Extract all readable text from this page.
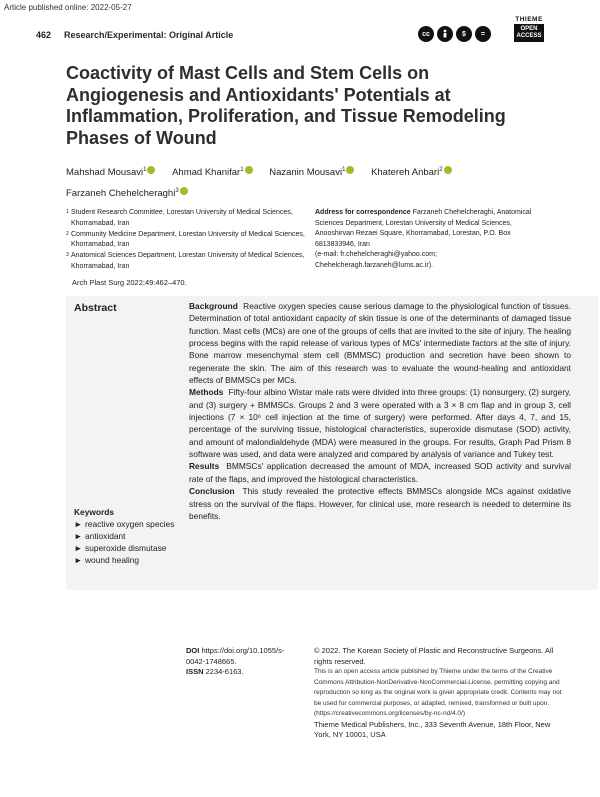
Article published online: 2022-05-27
462 Research/Experimental: Original Article	cc	$	=
THIEME
OPEN ACCESS
Coactivity of Mast Cells and Stem Cells on Angiogenesis and Antioxidants' Potentials at Inflammation, Proliferation, and Tissue Remodeling Phases of Wound
Mahshad Mousavi$^1$	Ahmad Khanifar$^1$	Nazanin Mousavi$^1$	Khatereh Anbari$^2$
Farzaneh Chehelcheraghi$^3$
1 Student Research Committee, Lorestan University of Medical Sciences, Khorramabad, Iran
2 Community Medicine Department, Lorestan University of Medical Sciences, Khorramabad, Iran
3 Anatomical Sciences Department, Lorestan University of Medical Sciences, Khorramabad, Iran
Address for correspondence Farzaneh Chehelcheraghi, Anatomical Sciences Department, Lorestan University of Medical Sciences, Anooshirvan Rezaei Square, Khorramabad, Lorestan, P.O. Box 6813833946, Iran
(e-mail: fr.chehelcheraghi@yahoo.com; Chehelcheragh.farzaneh@lums.ac.ir).
Arch Plast Surg 2022;49:462–470.
Abstract	Background Reactive oxygen species cause serious damage to the physiological function of tissues. Determination of total antioxidant capacity of skin tissue is one of the determinants of damaged tissue function. Mast cells (MCs) are one of the groups of cells that are invited to the site of injury. The healing process begins with the rapid release of various types of MCs' intermediate factors at the site of injury. Bone marrow mesenchymal stem cell (BMMSC) production and secretion have been shown to regenerate the skin. The aim of this research was to evaluate the wound-healing and antioxidant effects of BMMSCs per MCs.

Methods Fifty-four albino Wistar male rats were divided into three groups: (1) nonsurgery, (2) surgery, and (3) surgery + BMMSCs. Groups 2 and 3 were operated with a 3 × 8 cm flap and in group 3, cell injections (7 × 10⁶ cell injection at the time of surgery) were performed. After days 4, 7, and 15, percentage of the surviving tissue, histological characteristics, superoxide dismutase (SOD) activity, and amount of malondialdehyde (MDA) were measured in the groups. For results, Graph Pad Prism 8 software was used, and data were analyzed and compared by analysis of variance and Tukey test.

Results BMMSCs' application decreased the amount of MDA, increased SOD activity and survival rate of the flaps, and improved the histological characteristics.

Conclusion This study revealed the protective effects BMMSCs alongside MCs against oxidative stress on the survival of the flaps. However, for clinical use, more research is needed to determine its benefits.

Keywords
► reactive oxygen species
► antioxidant
► superoxide dismutase
► wound healing
DOI https://doi.org/10.1055/s-0042-1748665.
ISSN 2234-6163.
© 2022. The Korean Society of Plastic and Reconstructive Surgeons. All rights reserved.
This is an open access article published by Thieme under the terms of the Creative Commons Attribution-NonDerivative-NonCommercial-License, permitting copying and reproduction so long as the original work is given appropriate credit. Contents may not be used for commercial purposes, or adapted, remixed, transformed or built upon. (https://creativecommons.org/licenses/by-nc-nd/4.0/)
Thieme Medical Publishers, Inc., 333 Seventh Avenue, 18th Floor, New York, NY 10001, USA
